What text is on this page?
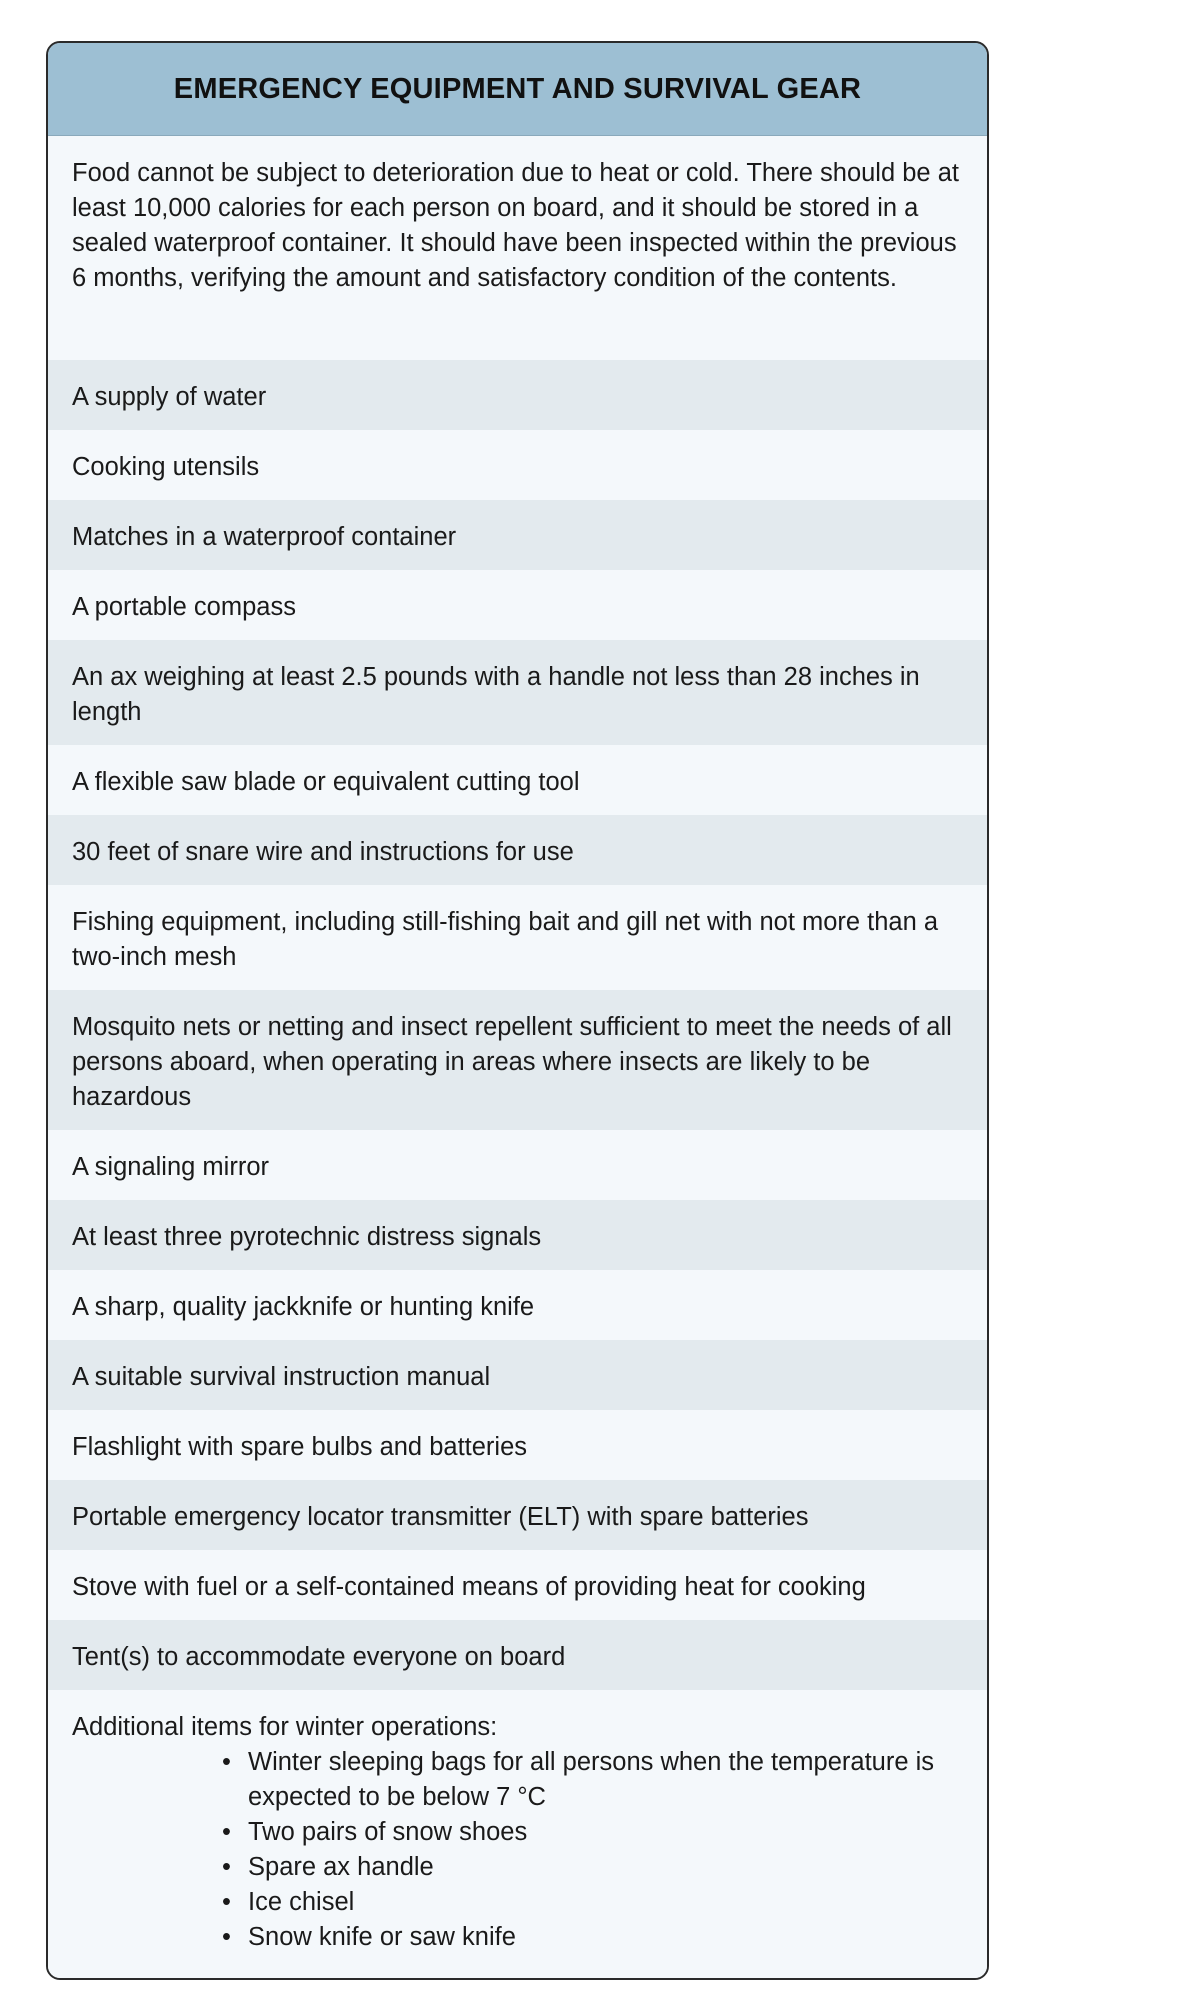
EMERGENCY EQUIPMENT AND SURVIVAL GEAR
Food cannot be subject to deterioration due to heat or cold. There should be at least 10,000 calories for each person on board, and it should be stored in a sealed waterproof container. It should have been inspected within the previous 6 months, verifying the amount and satisfactory condition of the contents.
A supply of water
Cooking utensils
Matches in a waterproof container
A portable compass
An ax weighing at least 2.5 pounds with a handle not less than 28 inches in length
A flexible saw blade or equivalent cutting tool
30 feet of snare wire and instructions for use
Fishing equipment, including still-fishing bait and gill net with not more than a two-inch mesh
Mosquito nets or netting and insect repellent sufficient to meet the needs of all persons aboard, when operating in areas where insects are likely to be hazardous
A signaling mirror
At least three pyrotechnic distress signals
A sharp, quality jackknife or hunting knife
A suitable survival instruction manual
Flashlight with spare bulbs and batteries
Portable emergency locator transmitter (ELT) with spare batteries
Stove with fuel or a self-contained means of providing heat for cooking
Tent(s) to accommodate everyone on board
Additional items for winter operations:
• Winter sleeping bags for all persons when the temperature is expected to be below 7 °C
• Two pairs of snow shoes
• Spare ax handle
• Ice chisel
• Snow knife or saw knife
